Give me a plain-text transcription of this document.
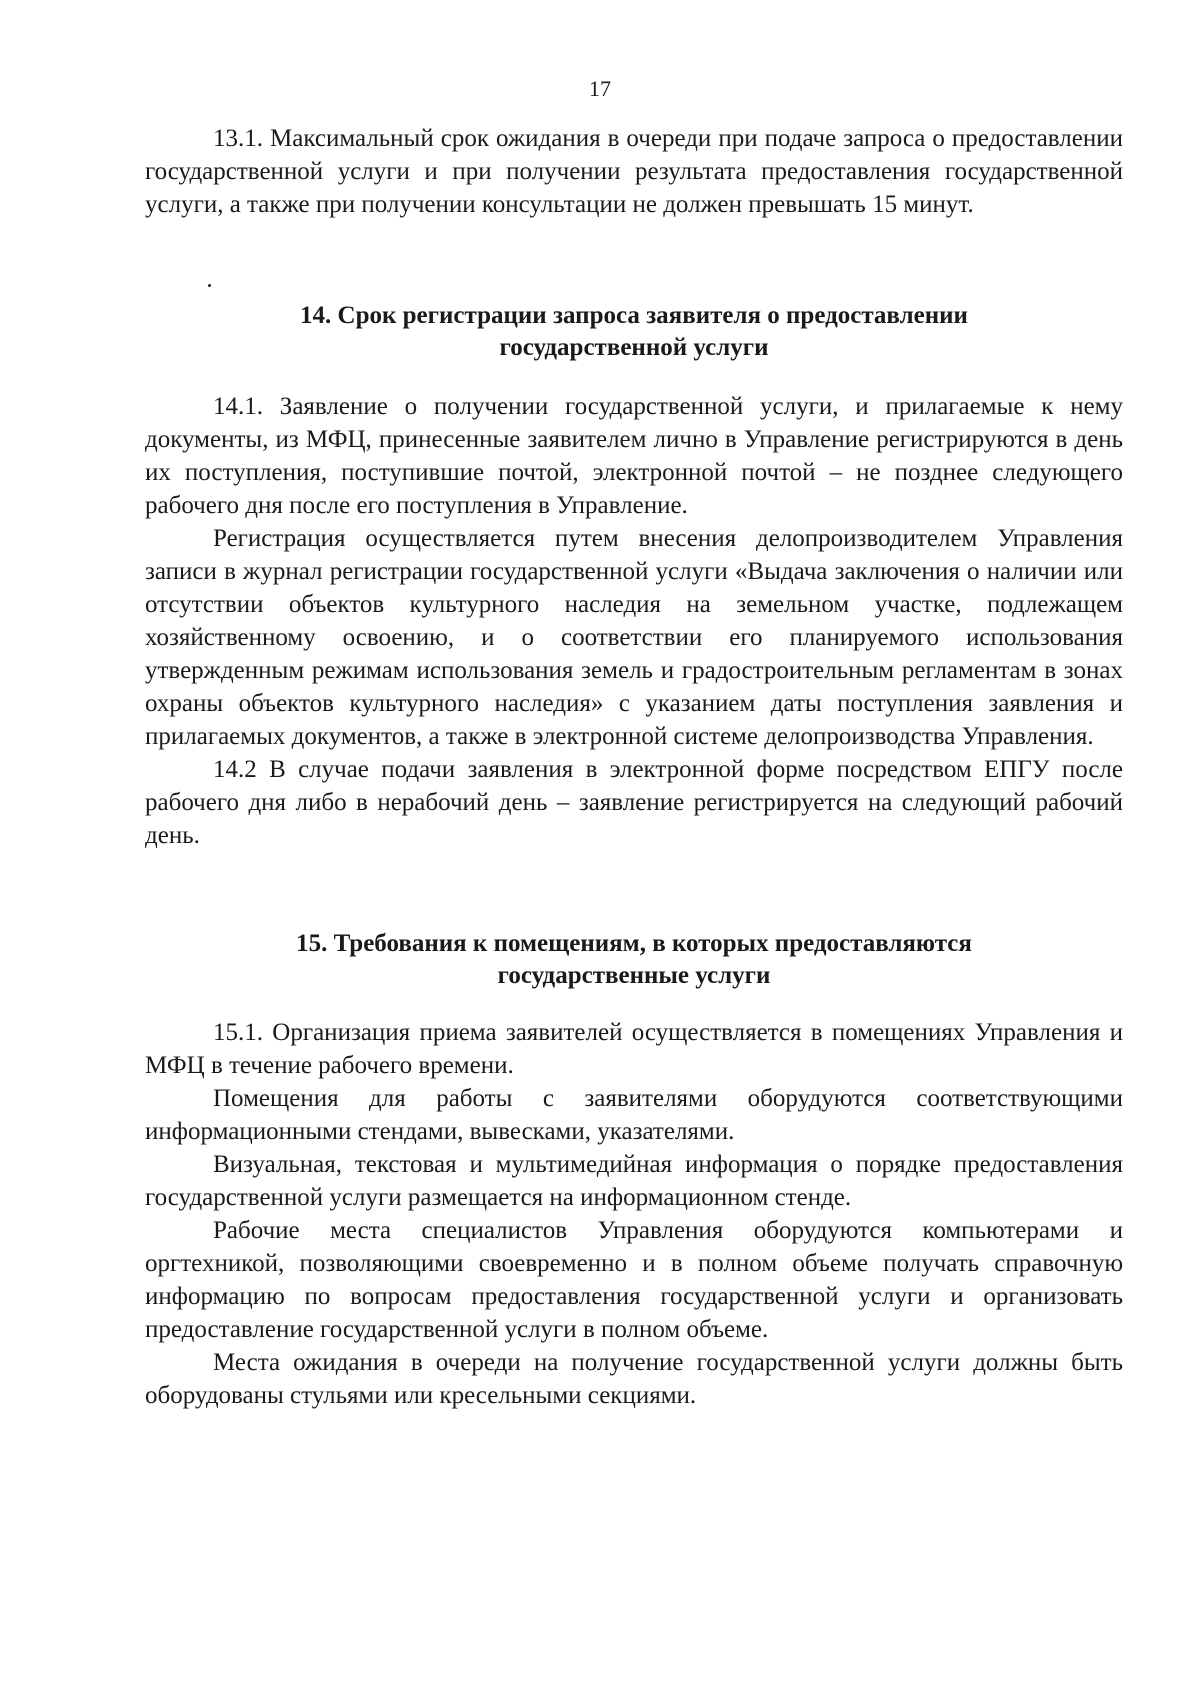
17

13.1. Максимальный срок ожидания в очереди при подаче запроса о предоставлении государственной услуги и при получении результата предоставления государственной услуги, а также при получении консультации не должен превышать 15 минут.

14. Срок регистрации запроса заявителя о предоставлении
государственной услуги

14.1. Заявление о получении государственной услуги, и прилагаемые к нему документы, из МФЦ, принесенные заявителем лично в Управление регистрируются в день их поступления, поступившие почтой, электронной почтой – не позднее следующего рабочего дня после его поступления в Управление.

Регистрация осуществляется путем внесения делопроизводителем Управления записи в журнал регистрации государственной услуги «Выдача заключения о наличии или отсутствии объектов культурного наследия на земельном участке, подлежащем хозяйственному освоению, и о соответствии его планируемого использования утвержденным режимам использования земель и градостроительным регламентам в зонах охраны объектов культурного наследия» с указанием даты поступления заявления и прилагаемых документов, а также в электронной системе делопроизводства Управления.

14.2 В случае подачи заявления в электронной форме посредством ЕПГУ после рабочего дня либо в нерабочий день – заявление регистрируется на следующий рабочий день.

15. Требования к помещениям, в которых предоставляются
государственные услуги

15.1. Организация приема заявителей осуществляется в помещениях Управления и МФЦ в течение рабочего времени.

Помещения для работы с заявителями оборудуются соответствующими информационными стендами, вывесками, указателями.

Визуальная, текстовая и мультимедийная информация о порядке предоставления государственной услуги размещается на информационном стенде.

Рабочие места специалистов Управления оборудуются компьютерами и оргтехникой, позволяющими своевременно и в полном объеме получать справочную информацию по вопросам предоставления государственной услуги и организовать предоставление государственной услуги в полном объеме.

Места ожидания в очереди на получение государственной услуги должны быть оборудованы стульями или кресельными секциями.
